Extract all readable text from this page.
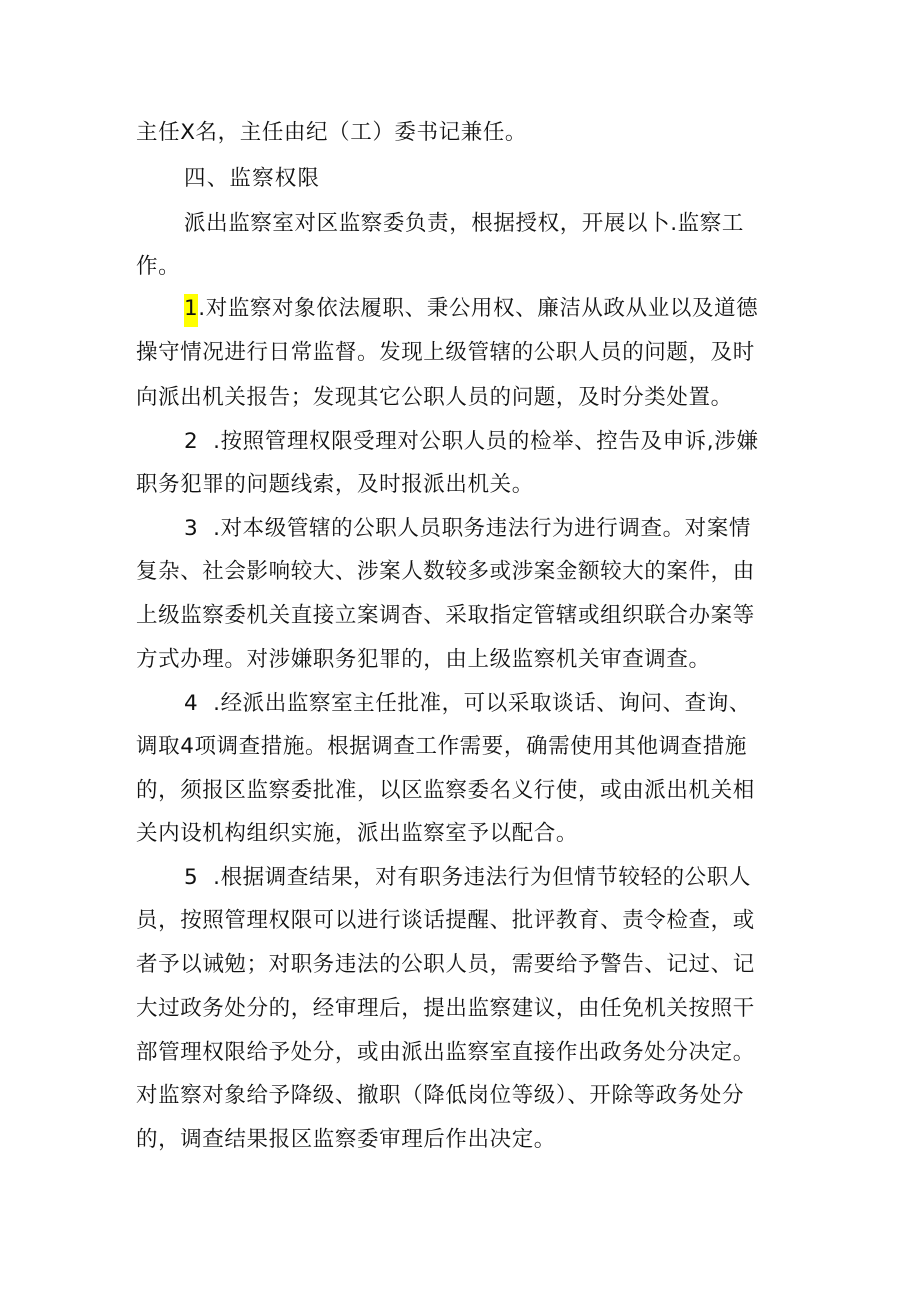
主任X名，主任由纪（工）委书记兼任。
四、监察权限
派出监察室对区监察委负责，根据授权，开展以卜.监察工
作。
1.对监察对象依法履职、秉公用权、廉洁从政从业以及道德
操守情况进行日常监督。发现上级管辖的公职人员的问题，及时
向派出机关报告；发现其它公职人员的问题，及时分类处置。
2  .按照管理权限受理对公职人员的检举、控告及申诉,涉嫌
职务犯罪的问题线索，及时报派出机关。
3  .对本级管辖的公职人员职务违法行为进行调查。对案情
复杂、社会影响较大、涉案人数较多或涉案金额较大的案件，由
上级监察委机关直接立案调杳、采取指定管辖或组织联合办案等
方式办理。对涉嫌职务犯罪的，由上级监察机关审查调查。
4  .经派出监察室主任批准，可以采取谈话、询问、查询、
调取4项调查措施。根据调查工作需要，确需使用其他调查措施
的，须报区监察委批准，以区监察委名义行使，或由派出机关相
关内设机构组织实施，派出监察室予以配合。
5  .根据调查结果，对有职务违法行为但情节较轻的公职人
员，按照管理权限可以进行谈话提醒、批评教育、责令检查，或
者予以诫勉；对职务违法的公职人员，需要给予警告、记过、记
大过政务处分的，经审理后，提出监察建议，由任免机关按照干
部管理权限给予处分，或由派出监察室直接作出政务处分决定。
对监察对象给予降级、撤职（降低岗位等级）、开除等政务处分
的，调查结果报区监察委审理后作出决定。
